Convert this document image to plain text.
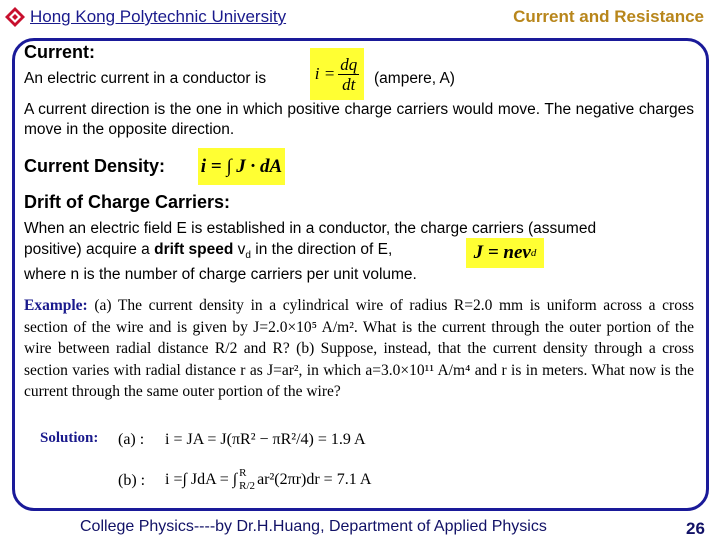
Hong Kong Polytechnic University	Current and Resistance
Current:
An electric current in a conductor is	$i = \frac{dq}{dt}$ (ampere, A)
A current direction is the one in which positive charge carriers would move. The negative charges move in the opposite direction.
Current Density: i = ∫ J · dA
Drift of Charge Carriers:
When an electric field E is established in a conductor, the charge carriers (assumed
positive) acquire a drift speed $v_d$ in the direction of E,	J = nev d
where n is the number of charge carriers per unit volume.
Example: (a) The current density in a cylindrical wire of radius R=2.0 mm is uniform across a cross section of the wire and is given by J=2.0×10⁵ A/m². What is the current through the outer portion of the wire between radial distance R/2 and R? (b) Suppose, instead, that the current density through a cross section varies with radial distance r as J=ar², in which a=3.0×10¹¹ A/m⁴ and r is in meters. What now is the current through the same outer portion of the wire?
Solution: (a) :	i = JA = J(πR² − πR²/4) = 1.9 A
(b) : i = ∫ JdA = ∫ R
R/2 ar²(2πr)dr = 7.1 A
College Physics----by Dr.H.Huang, Department of Applied Physics	26
